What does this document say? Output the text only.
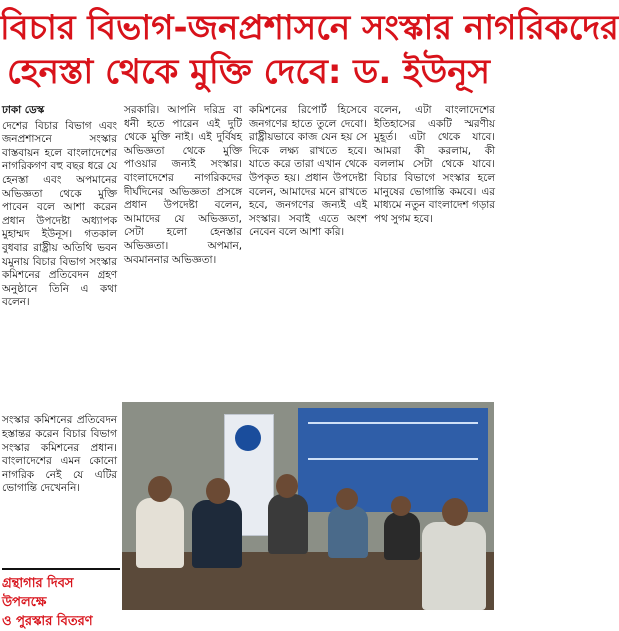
বিচার বিভাগ-জনপ্রশাসনে সংস্কার নাগরিকদের
হেনস্তা থেকে মুক্তি দেবে: ড. ইউনূস
ঢাকা ডেস্ক

দেশের বিচার বিভাগ এবং জনপ্রশাসনে সংস্কার বাস্তবায়ন হলে বাংলাদেশের নাগরিকগণ বহু বছর ধরে যে হেনস্তা এবং অপমানের অভিজ্ঞতা থেকে মুক্তি পাবেন বলে আশা করেন প্রধান উপদেষ্টা অধ্যাপক মুহাম্মদ ইউনূস। গতকাল বুধবার রাষ্ট্রীয় অতিথি ভবন যমুনায় বিচার বিভাগ সংস্কার কমিশনের প্রতিবেদন গ্রহণ অনুষ্ঠানে তিনি এ কথা বলেন।

সরকারি। আপনি দরিদ্র বা ধনী হতে পারেন এই দুটি থেকে মুক্তি নাই। এই দুর্বিষহ অভিজ্ঞতা থেকে মুক্তি পাওয়ার জন্যই সংস্কার। বাংলাদেশের নাগরিকদের দীর্ঘদিনের অভিজ্ঞতা প্রসঙ্গে প্রধান উপদেষ্টা বলেন, আমাদের যে অভিজ্ঞতা, সেটা হলো হেনস্তার অভিজ্ঞতা। অপমান, অবমাননার অভিজ্ঞতা।

কমিশনের রিপোর্ট হিসেবে জনগণের হাতে তুলে দেবো। রাষ্ট্রীয়ভাবে কাজ যেন হয় সে দিকে লক্ষ্য রাখতে হবে। যাতে করে তারা এখান থেকে উপকৃত হয়। প্রধান উপদেষ্টা বলেন, আমাদের মনে রাখতে হবে, জনগণের জন্যই এই সংস্কার। সবাই এতে অংশ নেবেন বলে আশা করি।

বলেন, এটা বাংলাদেশের ইতিহাসের একটি স্মরণীয় মুহূর্ত। এটা থেকে যাবে। আমরা কী করলাম, কী বললাম সেটা থেকে যাবে। বিচার বিভাগে সংস্কার হলে মানুষের ভোগান্তি কমবে। এর মাধ্যমে নতুন বাংলাদেশ গড়ার পথ সুগম হবে।

সংস্কার কমিশনের প্রতিবেদন হস্তান্তর করেন বিচার বিভাগ সংস্কার কমিশনের প্রধান। বাংলাদেশের এমন কোনো নাগরিক নেই যে এটির ভোগান্তি দেখেননি।

গ্রন্থাগার দিবস উপলক্ষে
ও পুরস্কার বিতরণ
